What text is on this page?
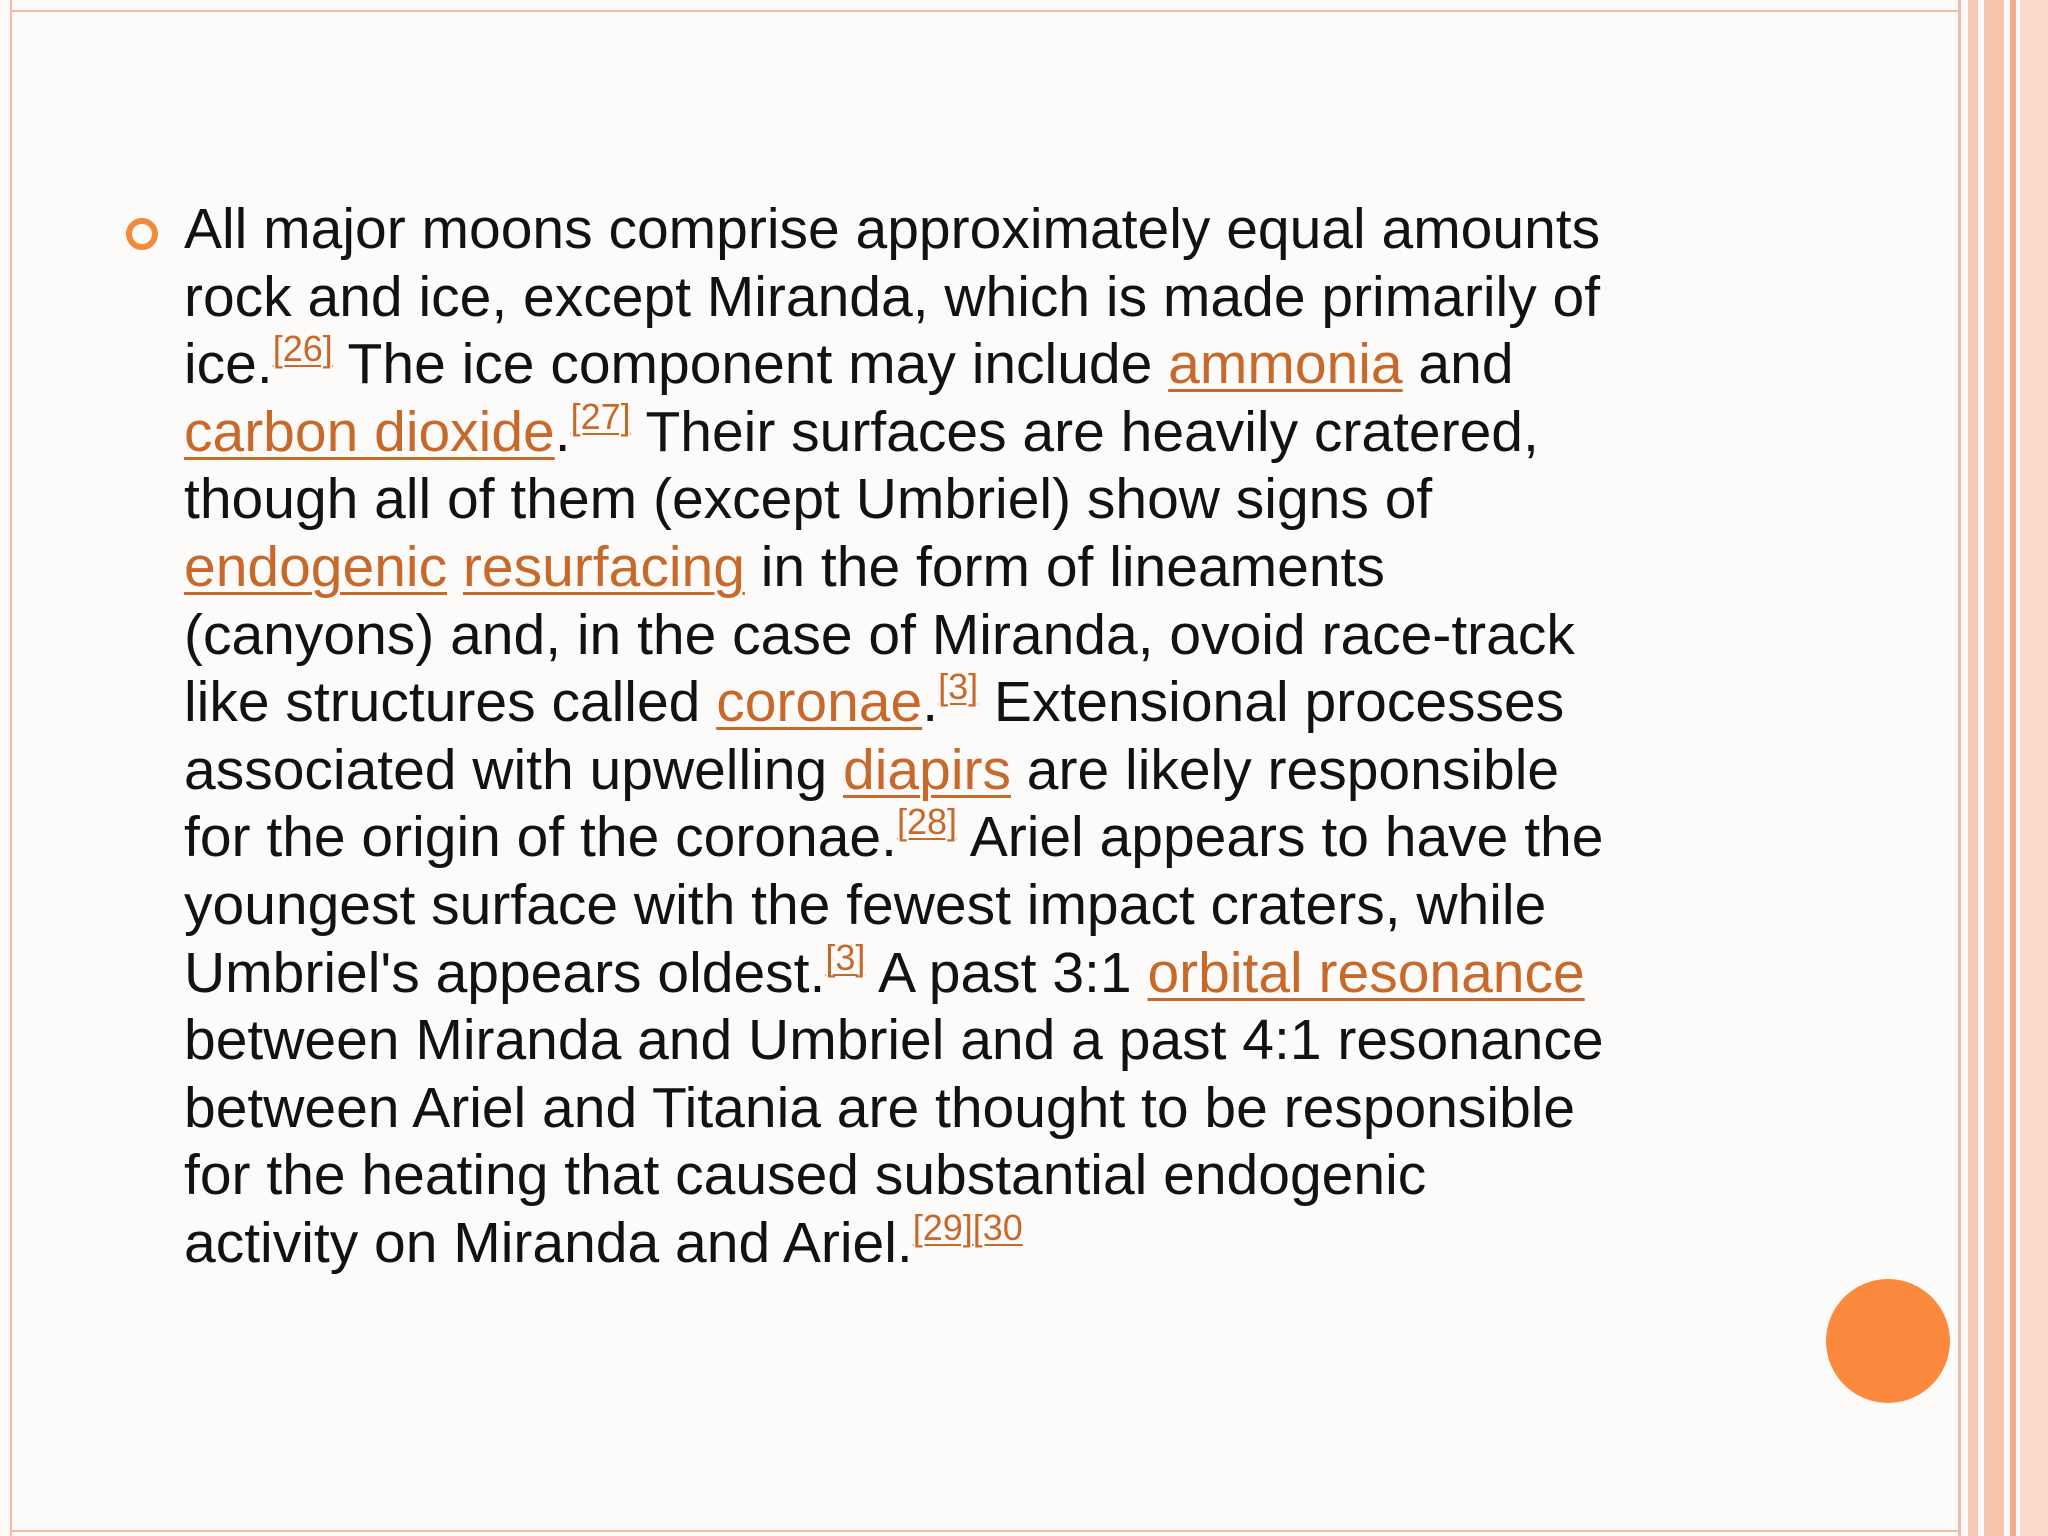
All major moons comprise approximately equal amounts
rock and ice, except Miranda, which is made primarily of
ice.[26] The ice component may include ammonia and
carbon dioxide.[27] Their surfaces are heavily cratered,
though all of them (except Umbriel) show signs of
endogenic resurfacing in the form of lineaments
(canyons) and, in the case of Miranda, ovoid race-track
like structures called coronae.[3] Extensional processes
associated with upwelling diapirs are likely responsible
for the origin of the coronae.[28] Ariel appears to have the
youngest surface with the fewest impact craters, while
Umbriel's appears oldest.[3] A past 3:1 orbital resonance
between Miranda and Umbriel and a past 4:1 resonance
between Ariel and Titania are thought to be responsible
for the heating that caused substantial endogenic
activity on Miranda and Ariel.$^{[29][30}$
